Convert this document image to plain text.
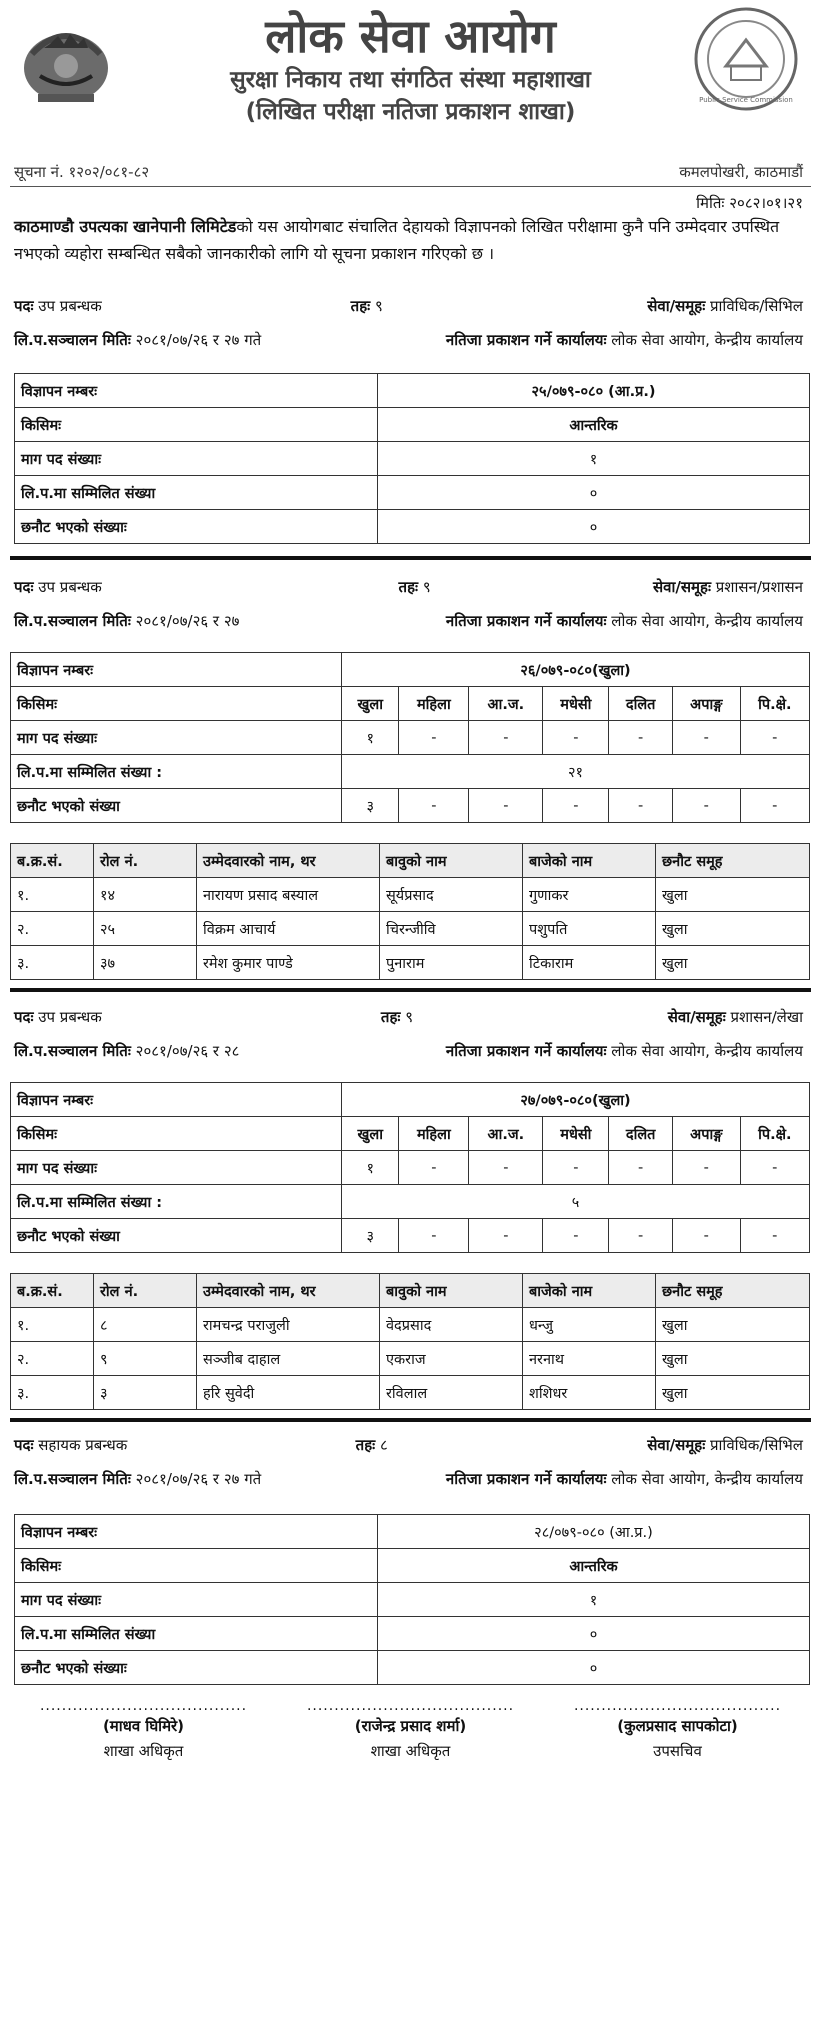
लोक सेवा आयोग
सुरक्षा निकाय तथा संगठित संस्था महाशाखा
(लिखित परीक्षा नतिजा प्रकाशन शाखा)	Public Service Commission
सूचना नं. १२०२/०८१-८२	कमलपोखरी, काठमाडौं
मितिः २०८२।०१।२१
काठमाण्डौ उपत्यका खानेपानी लिमिटेडको यस आयोगबाट संचालित देहायको विज्ञापनको लिखित परीक्षामा कुनै पनि उम्मेदवार उपस्थित नभएको व्यहोरा सम्बन्धित सबैको जानकारीको लागि यो सूचना प्रकाशन गरिएको छ ।
पदः उप प्रबन्धक	तहः ९	सेवा/समूहः प्राविधिक/सिभिल
लि.प.सञ्चालन मितिः २०८१/०७/२६ र २७ गते	नतिजा प्रकाशन गर्ने कार्यालयः लोक सेवा आयोग, केन्द्रीय कार्यालय
विज्ञापन नम्बरः	२५/०७९-०८० (आ.प्र.)
किसिमः	आन्तरिक
माग पद संख्याः	१
लि.प.मा सम्मिलित संख्या	०
छनौट भएको संख्याः	०
पदः उप प्रबन्धक	तहः ९	सेवा/समूहः प्रशासन/प्रशासन
लि.प.सञ्चालन मितिः २०८१/०७/२६ र २७	नतिजा प्रकाशन गर्ने कार्यालयः लोक सेवा आयोग, केन्द्रीय कार्यालय
विज्ञापन नम्बरः	२६/०७९-०८०(खुला)						
किसिमः	खुला	महिला	आ.ज.	मधेसी	दलित	अपाङ्ग	पि.क्षे.
माग पद संख्याः	१	-	-	-	-	-	-
लि.प.मा सम्मिलित संख्या :	२१						
छनौट भएको संख्या	३	-	-	-	-	-	-
ब.क्र.सं.	रोल नं.	उम्मेदवारको नाम, थर	बावुको नाम	बाजेको नाम	छनौट समूह
१.	१४	नारायण प्रसाद बस्याल	सूर्यप्रसाद	गुणाकर	खुला
२.	२५	विक्रम आचार्य	चिरन्जीवि	पशुपति	खुला
३.	३७	रमेश कुमार पाण्डे	पुनाराम	टिकाराम	खुला
पदः उप प्रबन्धक	तहः ९	सेवा/समूहः प्रशासन/लेखा
लि.प.सञ्चालन मितिः २०८१/०७/२६ र २८	नतिजा प्रकाशन गर्ने कार्यालयः लोक सेवा आयोग, केन्द्रीय कार्यालय
विज्ञापन नम्बरः	२७/०७९-०८०(खुला)						
किसिमः	खुला	महिला	आ.ज.	मधेसी	दलित	अपाङ्ग	पि.क्षे.
माग पद संख्याः	१	-	-	-	-	-	-
लि.प.मा सम्मिलित संख्या :	५						
छनौट भएको संख्या	३	-	-	-	-	-	-
ब.क्र.सं.	रोल नं.	उम्मेदवारको नाम, थर	बावुको नाम	बाजेको नाम	छनौट समूह
१.	८	रामचन्द्र पराजुली	वेदप्रसाद	धन्जु	खुला
२.	९	सञ्जीब दाहाल	एकराज	नरनाथ	खुला
३.	३	हरि सुवेदी	रविलाल	शशिधर	खुला
पदः सहायक प्रबन्धक	तहः ८	सेवा/समूहः प्राविधिक/सिभिल
लि.प.सञ्चालन मितिः २०८१/०७/२६ र २७ गते	नतिजा प्रकाशन गर्ने कार्यालयः लोक सेवा आयोग, केन्द्रीय कार्यालय
विज्ञापन नम्बरः	२८/०७९-०८० (आ.प्र.)
किसिमः	आन्तरिक
माग पद संख्याः	१
लि.प.मा सम्मिलित संख्या	०
छनौट भएको संख्याः	०
......................................
(माधव घिमिरे)
शाखा अधिकृत
......................................
(राजेन्द्र प्रसाद शर्मा)
शाखा अधिकृत
......................................
(कुलप्रसाद सापकोटा)
उपसचिव
